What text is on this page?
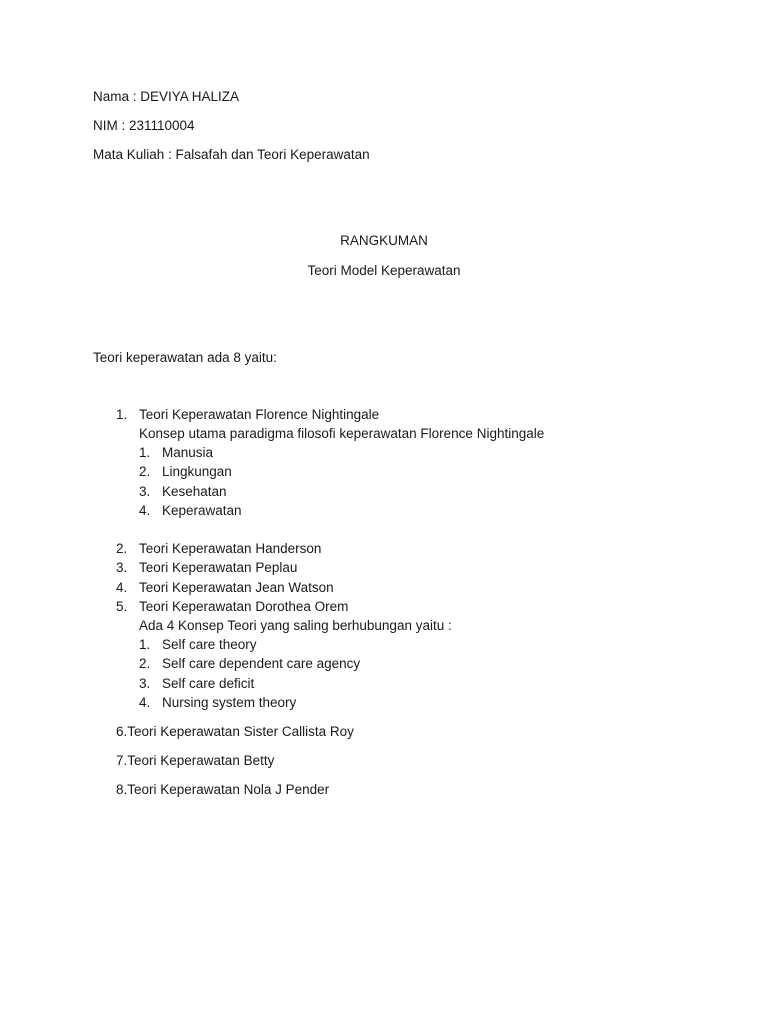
Nama : DEVIYA HALIZA
NIM : 231110004
Mata Kuliah : Falsafah dan Teori Keperawatan
RANGKUMAN
Teori Model Keperawatan
Teori keperawatan ada 8 yaitu:
1. Teori Keperawatan Florence Nightingale
Konsep utama paradigma filosofi keperawatan Florence Nightingale
1. Manusia
2. Lingkungan
3. Kesehatan
4. Keperawatan
2. Teori Keperawatan Handerson
3. Teori Keperawatan Peplau
4. Teori Keperawatan Jean Watson
5. Teori Keperawatan Dorothea Orem
Ada 4 Konsep Teori yang saling berhubungan yaitu :
1. Self care theory
2. Self care dependent care agency
3. Self care deficit
4. Nursing system theory
6.Teori Keperawatan Sister Callista Roy
7.Teori Keperawatan Betty
8.Teori Keperawatan Nola J Pender
